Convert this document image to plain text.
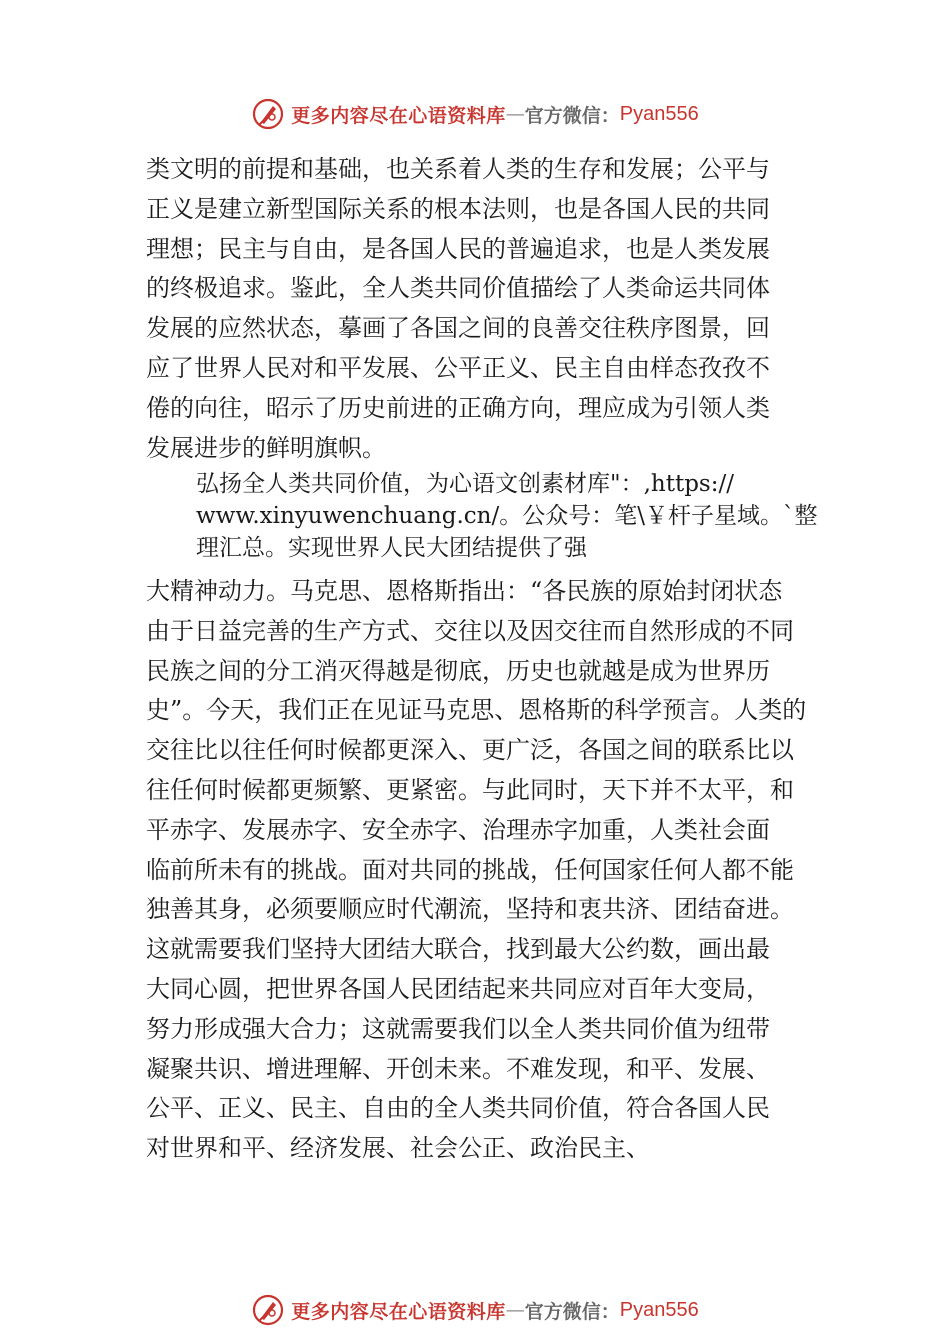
更多内容尽在心语资料库 — 官方微信： Pyan556
类文明的前提和基础，也关系着人类的生存和发展；公平与
正义是建立新型国际关系的根本法则，也是各国人民的共同
理想；民主与自由，是各国人民的普遍追求，也是人类发展
的终极追求。鉴此，全人类共同价值描绘了人类命运共同体
发展的应然状态，摹画了各国之间的良善交往秩序图景，回
应了世界人民对和平发展、公平正义、民主自由样态孜孜不
倦的向往，昭示了历史前进的正确方向，理应成为引领人类
发展进步的鲜明旗帜。
弘扬全人类共同价值，为心语文创素材库"：,https://
www.xinyuwenchuang.cn/。公众号：笔\￥杆子星域。`整
理汇总。实现世界人民大团结提供了强
大精神动力。马克思、恩格斯指出：“各民族的原始封闭状态
由于日益完善的生产方式、交往以及因交往而自然形成的不同
民族之间的分工消灭得越是彻底，历史也就越是成为世界历
史”。今天，我们正在见证马克思、恩格斯的科学预言。人类的
交往比以往任何时候都更深入、更广泛，各国之间的联系比以
往任何时候都更频繁、更紧密。与此同时，天下并不太平，和
平赤字、发展赤字、安全赤字、治理赤字加重，人类社会面
临前所未有的挑战。面对共同的挑战，任何国家任何人都不能
独善其身，必须要顺应时代潮流，坚持和衷共济、团结奋进。
这就需要我们坚持大团结大联合，找到最大公约数，画出最
大同心圆，把世界各国人民团结起来共同应对百年大变局，
努力形成强大合力；这就需要我们以全人类共同价值为纽带
凝聚共识、增进理解、开创未来。不难发现，和平、发展、
公平、正义、民主、自由的全人类共同价值，符合各国人民
对世界和平、经济发展、社会公正、政治民主、
更多内容尽在心语资料库 — 官方微信： Pyan556
